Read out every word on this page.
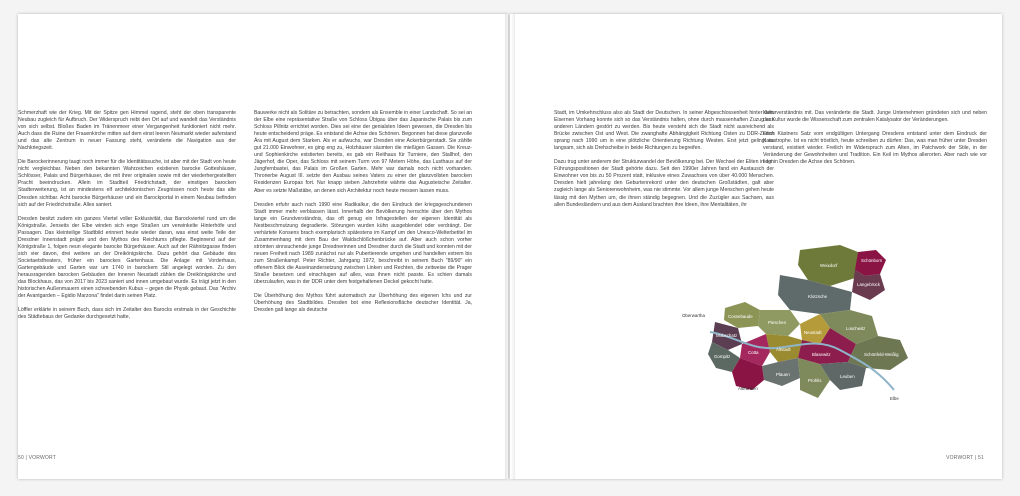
Schmerzhaft wie der Krieg. Mit der Spitze gen Himmel ragend, steht der oben transparente Neubau zugleich für Aufbruch. Der Widerspruch reibt den Ort auf und wandelt das Verständnis von sich selbst. Bloßes Baden im Tränenmeer einer Vergangenheit funktioniert nicht mehr. Auch dass die Ruine der Frauenkirche mitten auf dem einst leeren Neumarkt wieder auferstand und das alte Zentrum in neuer Fassung steht, veränderte die Navigation aus der Nachkriegszeit.

Die Barockerinnerung taugt noch immer für die Identitätssuche, ist aber mit der Stadt von heute nicht vergleichbar. Neben den bekannten Wahrzeichen existieren barocke Gotteshäuser, Schlösser, Palais und Bürgerhäuser, die mit ihrer originalen sowie mit der wiederhergestellten Pracht beeindrucken. Allein im Stadtteil Friedrichstadt, der einstigen barocken Stadterweiterung, ist an mindestens elf architektonischen Zeugnissen noch heute das alte Dresden sichtbar. Acht barocke Bürgerhäuser und ein Barockportal in einem Neubau befinden sich auf der Friedrichstraße. Alles saniert.

Dresden besitzt zudem ein ganzes Viertel voller Exklusivität, das Barockviertel rund um die Königstraße. Jenseits der Elbe winden sich enge Straßen um verwinkelte Hinterhöfe und Passagen. Das kleinteilige Stadtbild erinnert heute wieder daran, was einst weite Teile der Dresdner Innenstadt prägte und den Mythos des Reichtums pflegte. Beginnend auf der Königstraße 1, folgen neun elegante barocke Bürgerhäuser. Auch auf der Rähnitzgasse finden sich vier davon, drei weitere an der Dreikönigskirche. Dazu gehört das Gebäude des Societaetstheaters, früher ein barockes Gartenhaus. Die Anlage mit Vorderhaus, Gartengebäude und Garten war um 1740 in barockem Stil angelegt worden. Zu den herausragenden barocken Gebäuden der Inneren Neustadt zählen die Dreikönigskirche und das Blockhaus, das von 2017 bis 2023 saniert und innen umgebaut wurde. Es trägt jetzt in den historischen Außenmauern einen schwebenden Kubus – gegen die Physik gebaut. Das "Archiv der Avantgarden – Egidio Marzona" findet darin seinen Platz.

Löffler erklärte in seinem Buch, dass sich im Zeitalter des Barocks erstmals in der Geschichte des Städtebaus der Gedanke durchgesetzt hatte,

Bauwerke nicht als Solitäre zu betrachten, sondern als Ensemble in einer Landschaft. So sei an der Elbe eine repräsentative Straße von Schloss Übigau über das Japanische Palais bis zum Schloss Pillnitz errichtet worden. Dies sei eine der genialsten Ideen gewesen, die Dresden bis heute entscheidend präge. Es entstand die Achse des Schönen. Begonnen hat diese glanzvolle Ära mit August dem Starken. Als er aufwuchs, war Dresden eine Ackerbürgerstadt. Sie zählte gut 21.000 Einwohner, es ging eng zu, Holzhäuser säumten die mießigen Gassen. Die Kreuz- und Sophienkirche existierten bereits, es gab ein Reithaus für Turniere, den Stallhof, den Jägerhof, die Oper, das Schloss mit seinem Turm von 97 Metern Höhe, das Lusthaus auf der Jungfernbastei, das Palais im Großen Garten. Mehr war damals noch nicht vorhanden. Thronerbe August III. setzte den Ausbau seines Vaters zu einer der glanzvollsten barocken Residenzen Europas fort. Nur knapp sieben Jahrzehnte währte das Augusteische Zeitalter. Aber es setzte Maßstäbe, an denen sich Architektur noch heute messen lassen muss.

Dresden erfuhr auch nach 1990 eine Radikalkur, die den Eindruck der kriegsgeschundenen Stadt immer mehr verblassen lässt. Innerhalb der Bevölkerung herrschte über den Mythos lange ein Grundverständnis, das oft genug ein Infragestellen der eigenen Identität als Nestbeschmutzung degradierte. Störungen wurden kühn ausgeblendet oder verdrängt. Der verhärtete Konsens brach exemplarisch spätestens im Kampf um den Unesco-Welterbetitel im Zusammenhang mit dem Bau der Waldschlößchenbrücke auf. Aber auch schon vorher strömten sinnsuchende junge Dresdnerinnen und Dresdner durch die Stadt und konnten mit der neuen Freiheit nach 1989 zunächst nur als Pubertierende umgehen und handelten extrem bis zum Straßenkampf. Peter Richter, Jahrgang 1972, beschreibt in seinem Buch "89/90" ein offenem Blick die Auseinandersetzung zwischen Linken und Rechten, die zeitweise die Prager Straße besetzen und einschlugen auf alles, was ihnen nicht passte. Es schien damals überzulaufen, was in der DDR unter dem festgehaltenen Deckel gekocht hatte.

Die Überhöhung des Mythos führt automatisch zur Überhöhung des eigenen Ichs und zur Überhöhung des Stadtbildes. Dresden bot eine Reflexionsfläche deutscher Identität. Ja, Dresden galt lange als deutsche

50 | VORWORT

Stadt, im Umkehrschluss also als Stadt der Deutschen. In seiner Abgeschlossenheit hinter dem Eisernen Vorhang konnte sich so das Verständnis halten, ohne durch massenhaften Zuzug aus anderen Ländern gestört zu werden. Bis heute versteht sich die Stadt nicht ausreichend als Brücke zwischen Ost und West. Die zwanghafte Abhängigkeit Richtung Osten zu DDR-Zeiten sprang nach 1990 um in eine plötzliche Orientierung Richtung Westen. Erst jetzt gelingt es langsam, sich als Drehscheibe in beide Richtungen zu begreifen.

Dazu trug unter anderem der Strukturwandel der Bevölkerung bei. Der Wechsel der Eliten in den Führungspositionen der Stadt gehörte dazu. Seit den 1990er Jahren fand ein Austausch der Einwohner von bis zu 50 Prozent statt, inklusive eines Zuwachses von über 40.000 Menschen. Dresden hielt jahrelang den Geburtenrekord unter den deutschen Großstädten, galt aber zugleich lange als Seniorenwohnheim, was nie stimmte. Vor allem junge Menschen gehen heute lässig mit den Mythen um, die ihnen ständig begegnen. Und die Zuzügler aus Sachsen, aus allen Bundesländern und aus dem Ausland brachten ihre Ideen, ihre Mentalitäten, ihr

Kulturverständnis mit. Das veränderte die Stadt. Junge Unternehmen gründeten sich und neben der Kultur wurde die Wissenschaft zum zentralen Katalysator der Veränderungen.

Erich Kästners Satz vom endgültigen Untergang Dresdens entstand unter dem Eindruck der Katastrophe. Ist es nicht tröstlich, heute schreiben zu dürfen: Das, was man früher unter Dresden verstand, existiert wieder. Freilich im Widerspruch zum Alten, im Patchwork der Stile, in der Veränderung der Gewohnheiten und Tradition. Ein Keil im Mythos allerorten. Aber nach wie vor liegt in Dresden die Achse des Schönen.

VORWORT | 51
Weixdorf
Schönborn
Langebrück
Klotzsche
Cossebaude
Mobschatz
Pieschen
Neustadt
Loschwitz
Gompitz
Cotta
Altstadt
Blasewitz	Schönfeld-Weißig
Plauen
Prohlis
Leuben
Oberwartha
Altfranken
Elbe
